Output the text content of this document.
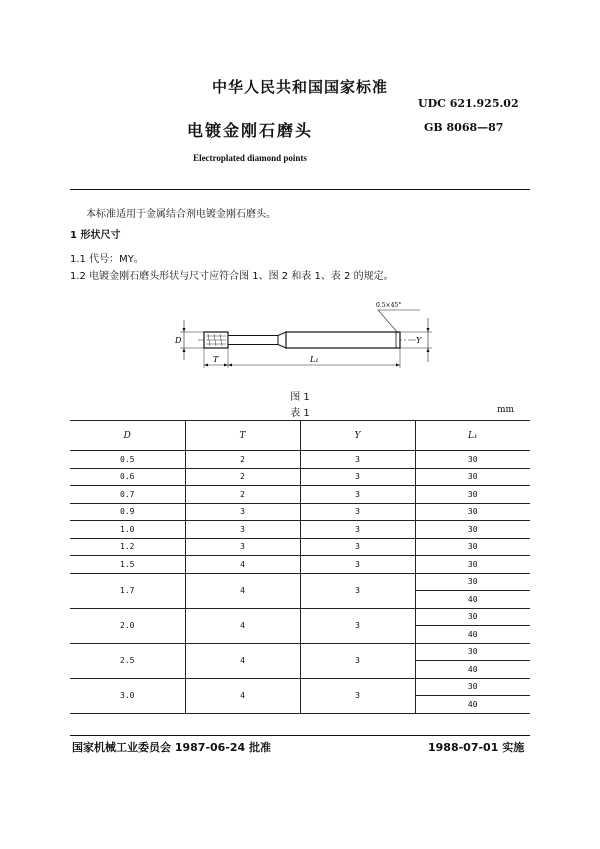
中华人民共和国国家标准
UDC 621.925.02
电镀金刚石磨头	GB 8068—87
Electroplated diamond points
本标准适用于金属结合剂电镀金刚石磨头。
1 形状尺寸
1.1 代号：MY。
1.2 电镀金刚石磨头形状与尺寸应符合图 1、图 2 和表 1、表 2 的规定。
D
T	L₁
Y
0.5×45°
图 1
表 1	mm
D	T	Y	L₁
0.5	2	3	30
0.6	2	3	30
0.7	2	3	30
0.9	3	3	30
1.0	3	3	30
1.2	3	3	30
1.5	4	3	30
1.7	4	3	30
			40
2.0	4	3	30
			40
2.5	4	3	30
			40
3.0	4	3	30
			40
国家机械工业委员会 1987-06-24 批准	1988-07-01 实施
